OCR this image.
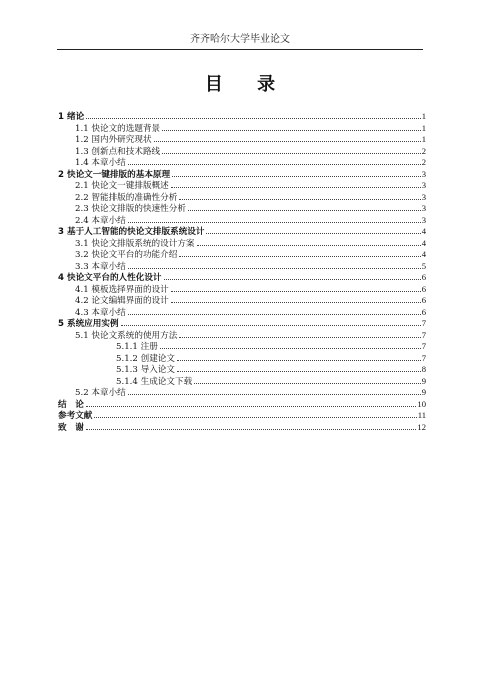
齐齐哈尔大学毕业论文
目 录
1 绪论	1
1.1 快论文的选题背景	1
1.2 国内外研究现状	1
1.3 创新点和技术路线	2
1.4 本章小结	2
2 快论文一键排版的基本原理	3
2.1 快论文一键排版概述	3
2.2 智能排版的准确性分析	3
2.3 快论文排版的快速性分析	3
2.4 本章小结	3
3 基于人工智能的快论文排版系统设计	4
3.1 快论文排版系统的设计方案	4
3.2 快论文平台的功能介绍	4
3.3 本章小结	5
4 快论文平台的人性化设计	6
4.1 模板选择界面的设计	6
4.2 论文编辑界面的设计	6
4.3 本章小结	6
5 系统应用实例	7
5.1 快论文系统的使用方法	7
5.1.1 注册	7
5.1.2 创建论文	7
5.1.3 导入论文	8
5.1.4 生成论文下载	9
5.2 本章小结	9
结　论	10
参考文献	11
致　谢	12
